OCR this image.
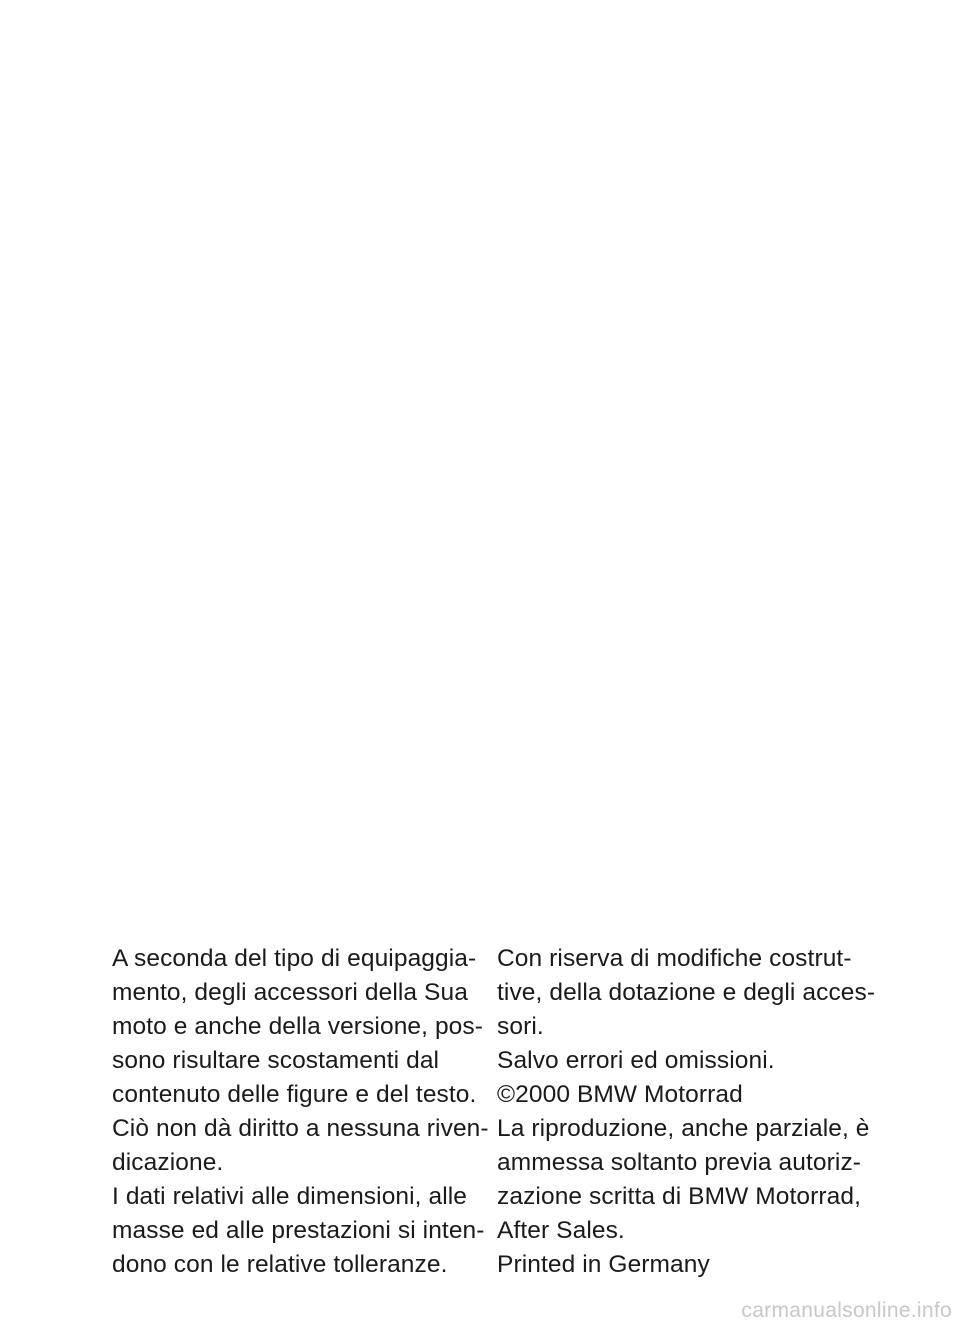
A seconda del tipo di equipaggia-
mento, degli accessori della Sua
moto e anche della versione, pos-
sono risultare scostamenti dal
contenuto delle figure e del testo.
Ciò non dà diritto a nessuna riven-
dicazione.
I dati relativi alle dimensioni, alle
masse ed alle prestazioni si inten-
dono con le relative tolleranze.
Con riserva di modifiche costrut-
tive, della dotazione e degli acces-
sori.
Salvo errori ed omissioni.
©2000 BMW Motorrad
La riproduzione, anche parziale, è
ammessa soltanto previa autoriz-
zazione scritta di BMW Motorrad,
After Sales.
Printed in Germany
carmanualsonline.info
